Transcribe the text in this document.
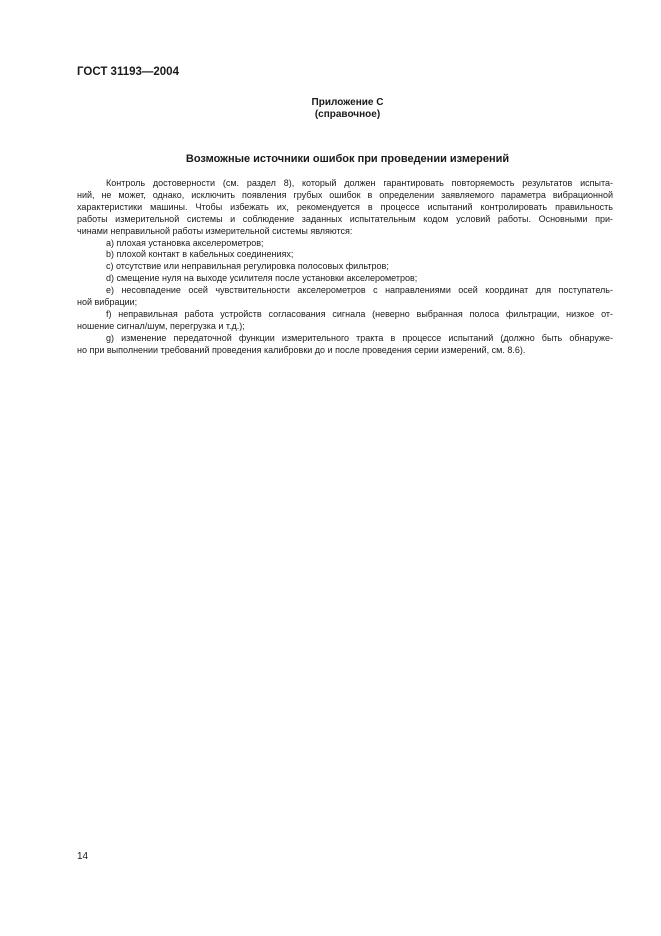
ГОСТ 31193—2004
Приложение С
(справочное)
Возможные источники ошибок при проведении измерений
Контроль достоверности (см. раздел 8), который должен гарантировать повторяемость результатов испыта-
ний, не может, однако, исключить появления грубых ошибок в определении заявляемого параметра вибрационной
характеристики машины. Чтобы избежать их, рекомендуется в процессе испытаний контролировать правильность
работы измерительной системы и соблюдение заданных испытательным кодом условий работы. Основными при-
чинами неправильной работы измерительной системы являются:
a) плохая установка акселерометров;
b) плохой контакт в кабельных соединениях;
c) отсутствие или неправильная регулировка полосовых фильтров;
d) смещение нуля на выходе усилителя после установки акселерометров;
e) несовпадение осей чувствительности акселерометров с направлениями осей координат для поступатель-
ной вибрации;
f) неправильная работа устройств согласования сигнала (неверно выбранная полоса фильтрации, низкое от-
ношение сигнал/шум, перегрузка и т.д.);
g) изменение передаточной функции измерительного тракта в процессе испытаний (должно быть обнаруже-
но при выполнении требований проведения калибровки до и после проведения серии измерений, см. 8.6).
14
